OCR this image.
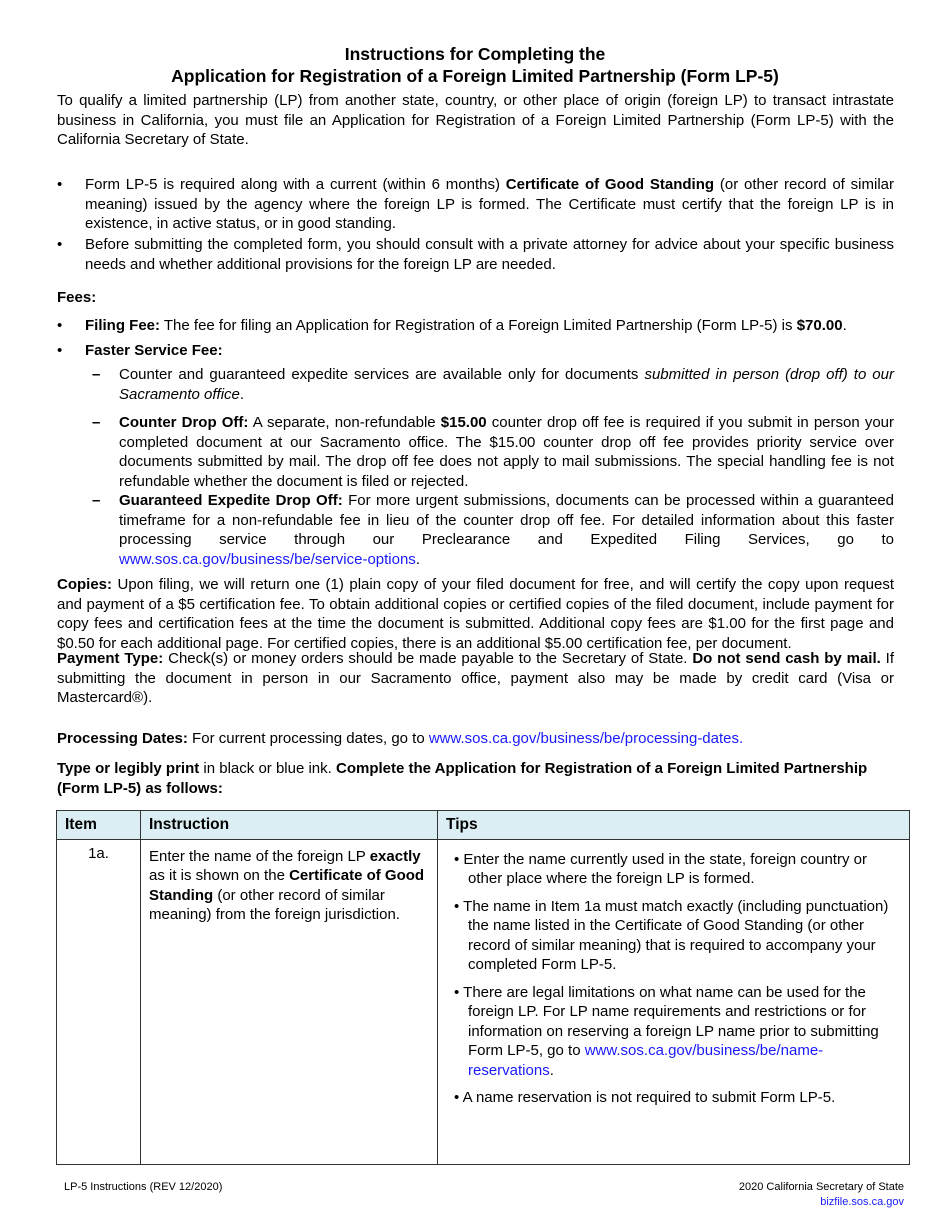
Instructions for Completing the
Application for Registration of a Foreign Limited Partnership (Form LP-5)
To qualify a limited partnership (LP) from another state, country, or other place of origin (foreign LP) to transact intrastate business in California, you must file an Application for Registration of a Foreign Limited Partnership (Form LP-5) with the California Secretary of State.
• Form LP-5 is required along with a current (within 6 months) Certificate of Good Standing (or other record of similar meaning) issued by the agency where the foreign LP is formed. The Certificate must certify that the foreign LP is in existence, in active status, or in good standing.
• Before submitting the completed form, you should consult with a private attorney for advice about your specific business needs and whether additional provisions for the foreign LP are needed.
Fees:
• Filing Fee: The fee for filing an Application for Registration of a Foreign Limited Partnership (Form LP-5) is $70.00.
• Faster Service Fee:
– Counter and guaranteed expedite services are available only for documents submitted in person (drop off) to our Sacramento office.
– Counter Drop Off: A separate, non-refundable $15.00 counter drop off fee is required if you submit in person your completed document at our Sacramento office. The $15.00 counter drop off fee provides priority service over documents submitted by mail. The drop off fee does not apply to mail submissions. The special handling fee is not refundable whether the document is filed or rejected.
– Guaranteed Expedite Drop Off: For more urgent submissions, documents can be processed within a guaranteed timeframe for a non-refundable fee in lieu of the counter drop off fee. For detailed information about this faster processing service through our Preclearance and Expedited Filing Services, go to www.sos.ca.gov/business/be/service-options.
Copies: Upon filing, we will return one (1) plain copy of your filed document for free, and will certify the copy upon request and payment of a $5 certification fee. To obtain additional copies or certified copies of the filed document, include payment for copy fees and certification fees at the time the document is submitted. Additional copy fees are $1.00 for the first page and $0.50 for each additional page. For certified copies, there is an additional $5.00 certification fee, per document.
Payment Type: Check(s) or money orders should be made payable to the Secretary of State. Do not send cash by mail. If submitting the document in person in our Sacramento office, payment also may be made by credit card (Visa or Mastercard®).
Processing Dates: For current processing dates, go to www.sos.ca.gov/business/be/processing-dates.
Type or legibly print in black or blue ink. Complete the Application for Registration of a Foreign Limited Partnership (Form LP-5) as follows:
Item	Instruction	Tips
1a.	Enter the name of the foreign LP exactly as it is shown on the Certificate of Good Standing (or other record of similar meaning) from the foreign jurisdiction.	• Enter the name currently used in the state, foreign country or other place where the foreign LP is formed.
• The name in Item 1a must match exactly (including punctuation) the name listed in the Certificate of Good Standing (or other record of similar meaning) that is required to accompany your completed Form LP-5.
• There are legal limitations on what name can be used for the foreign LP. For LP name requirements and restrictions or for information on reserving a foreign LP name prior to submitting Form LP-5, go to www.sos.ca.gov/business/be/name-reservations.
• A name reservation is not required to submit Form LP-5.
LP-5 Instructions (REV 12/2020)	2020 California Secretary of State
bizfile.sos.ca.gov
